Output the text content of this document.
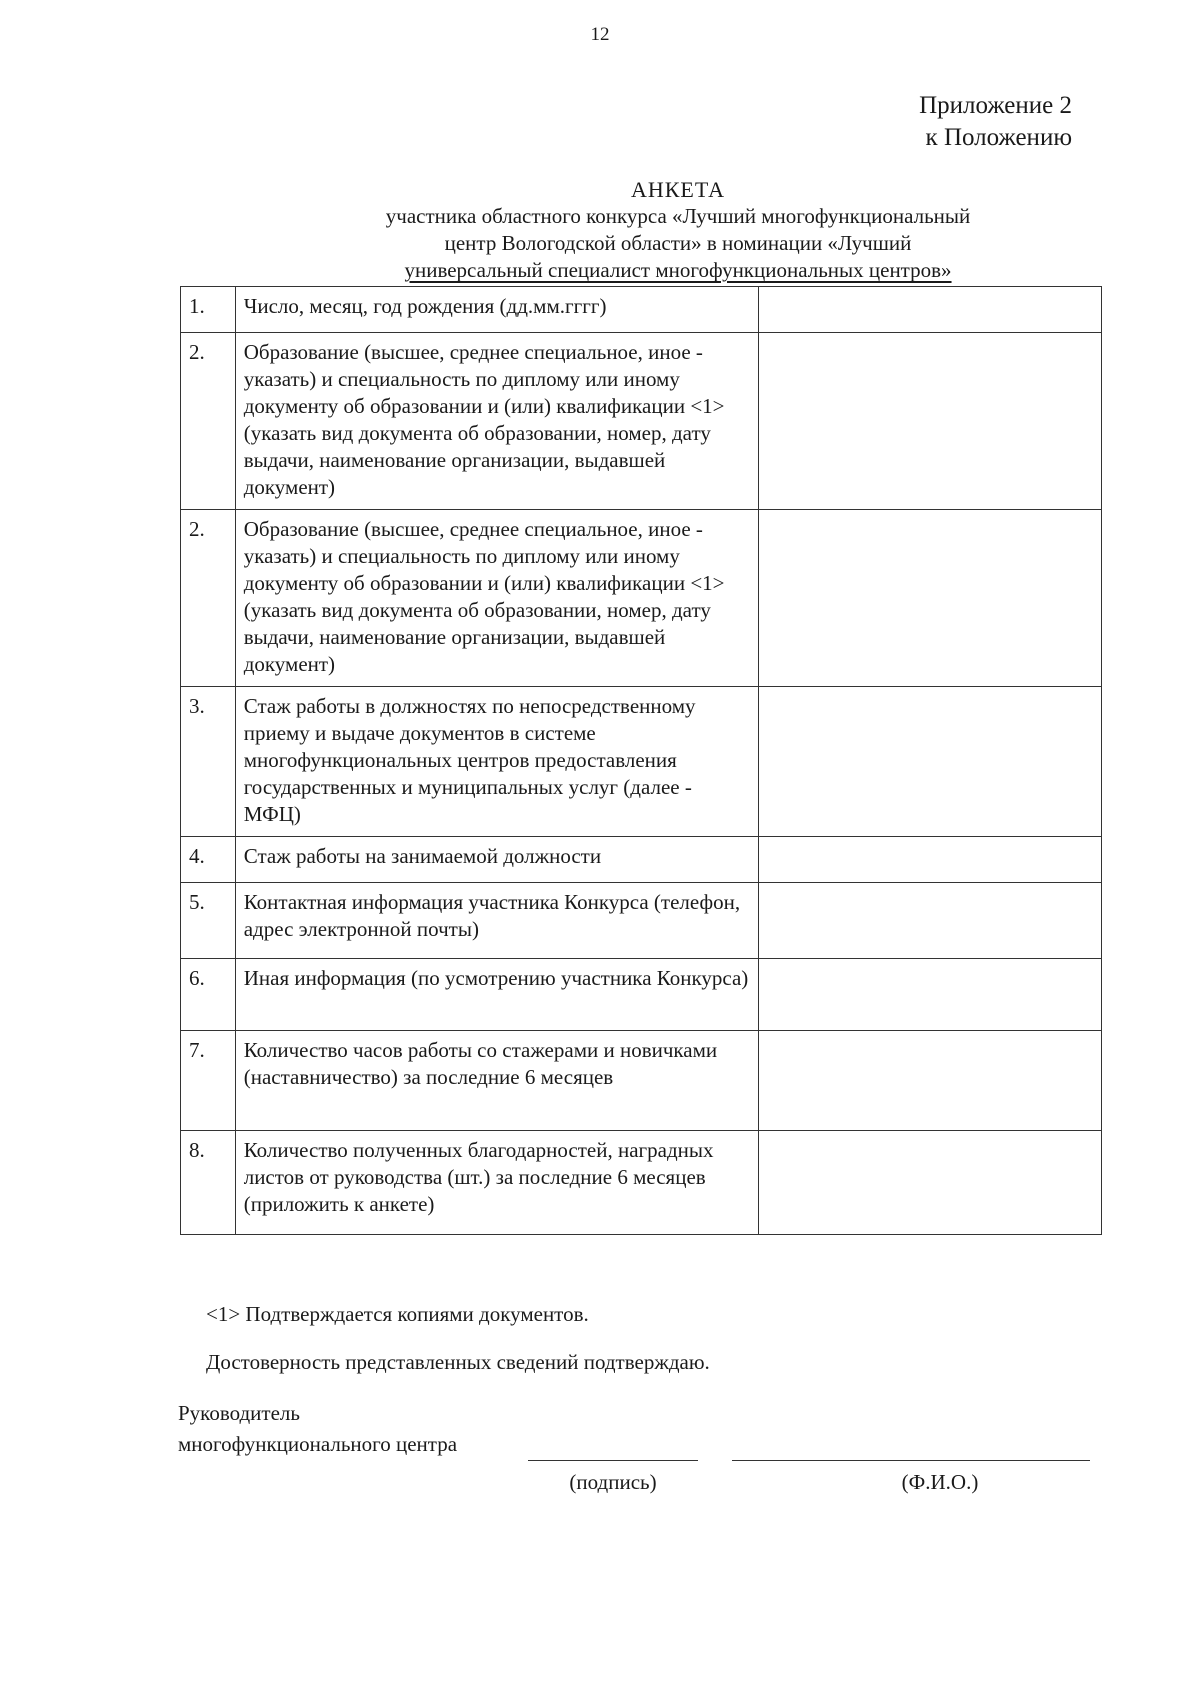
12
Приложение 2
к Положению
АНКЕТА
участника областного конкурса «Лучший многофункциональный
центр Вологодской области» в номинации «Лучший
универсальный специалист многофункциональных центров»
1.	Число, месяц, год рождения (дд.мм.гггг)	
2.	Образование (высшее, среднее специальное, иное - указать) и специальность по диплому или иному документу об образовании и (или) квалификации <1> (указать вид документа об образовании, номер, дату выдачи, наименование организации, выдавшей документ)	
2.	Образование (высшее, среднее специальное, иное - указать) и специальность по диплому или иному документу об образовании и (или) квалификации <1> (указать вид документа об образовании, номер, дату выдачи, наименование организации, выдавшей документ)	
3.	Стаж работы в должностях по непосредственному приему и выдаче документов в системе многофункциональных центров предоставления государственных и муниципальных услуг (далее - МФЦ)	
4.	Стаж работы на занимаемой должности	
5.	Контактная информация участника Конкурса (телефон, адрес электронной почты)	
6.	Иная информация (по усмотрению участника Конкурса)	
7.	Количество часов работы со стажерами и новичками (наставничество) за последние 6 месяцев	
8.	Количество полученных благодарностей, наградных листов от руководства (шт.) за последние 6 месяцев (приложить к анкете)	
<1> Подтверждается копиями документов.
Достоверность представленных сведений подтверждаю.
Руководитель
многофункционального центра
(подпись)	(Ф.И.О.)
